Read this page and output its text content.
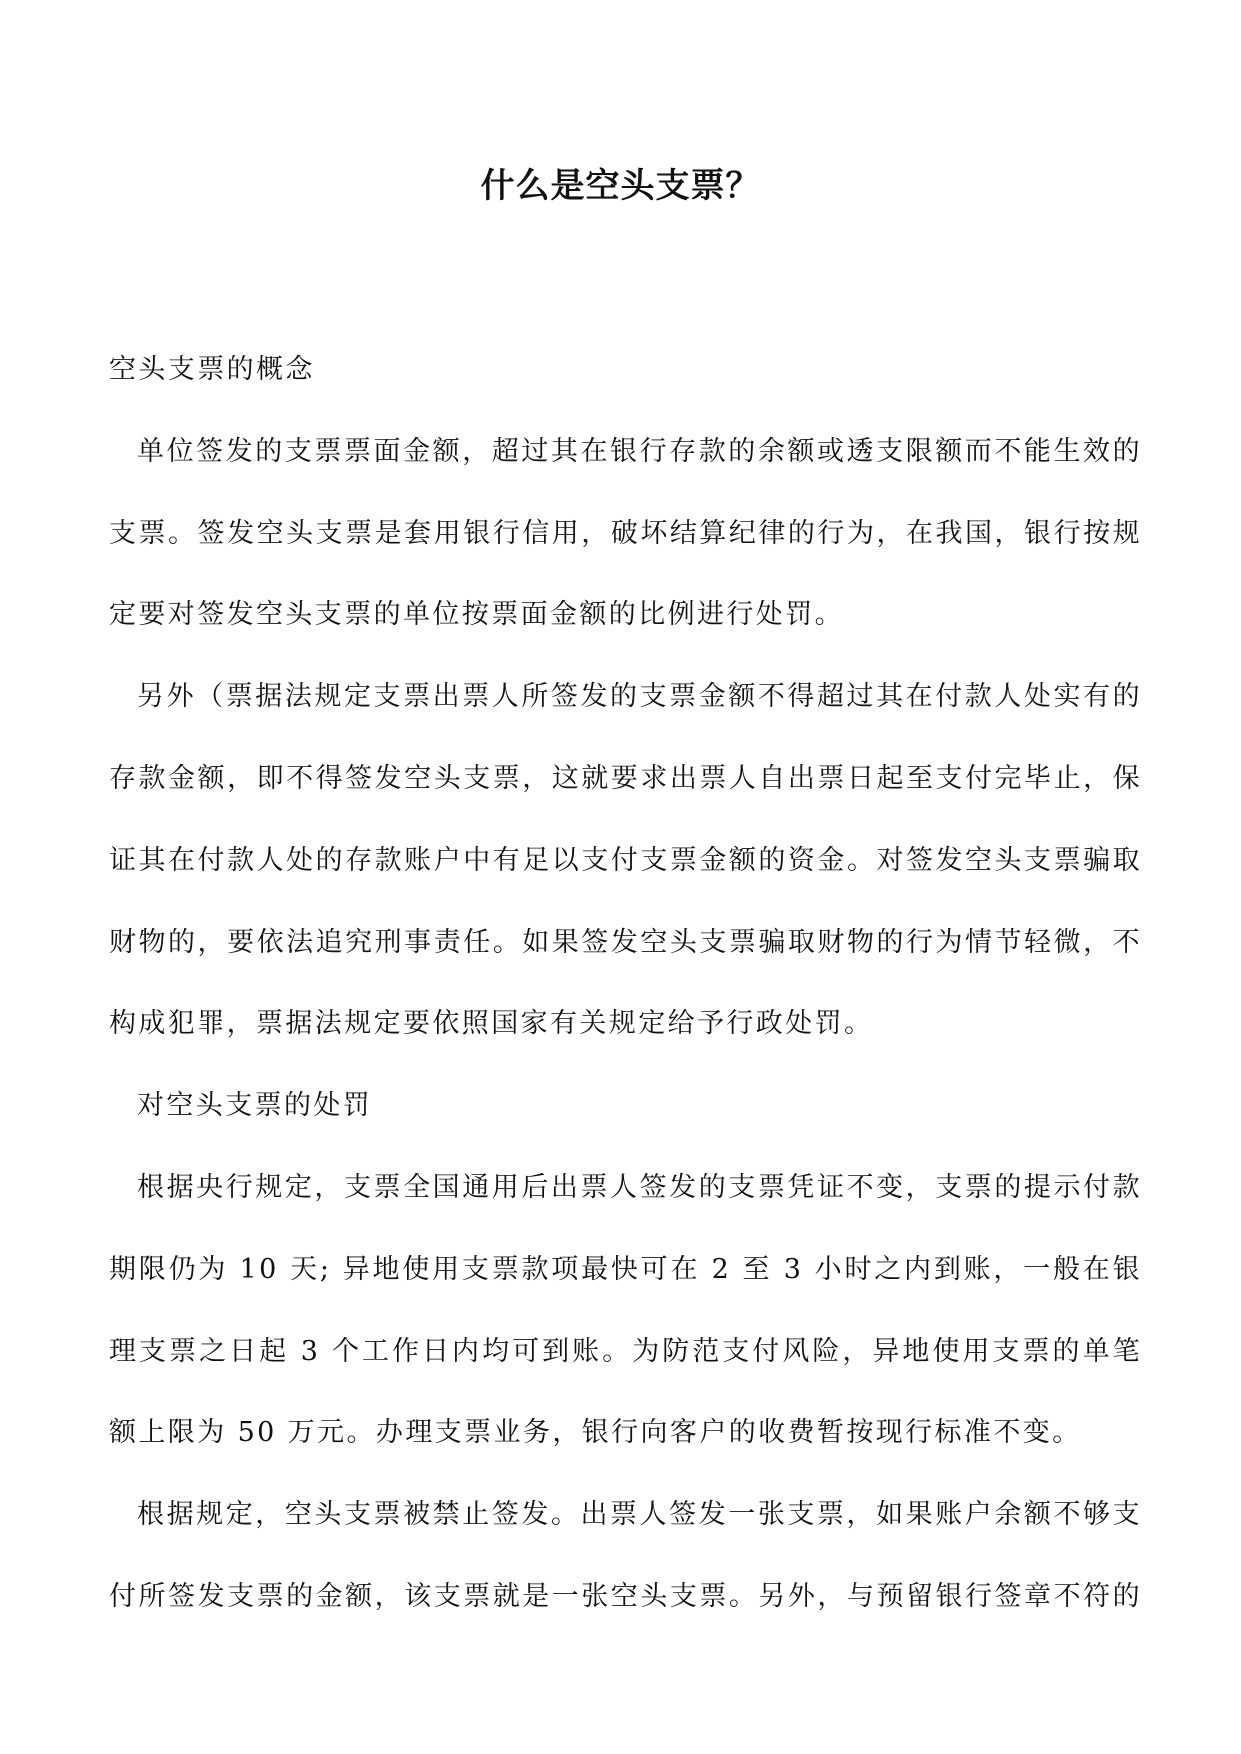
什么是空头支票？
空头支票的概念
单位签发的支票票面金额，超过其在银行存款的余额或透支限额而不能生效的
支票。签发空头支票是套用银行信用，破坏结算纪律的行为，在我国，银行按规
定要对签发空头支票的单位按票面金额的比例进行处罚。
另外（票据法规定支票出票人所签发的支票金额不得超过其在付款人处实有的
存款金额，即不得签发空头支票，这就要求出票人自出票日起至支付完毕止，保
证其在付款人处的存款账户中有足以支付支票金额的资金。对签发空头支票骗取
财物的，要依法追究刑事责任。如果签发空头支票骗取财物的行为情节轻微，不
构成犯罪，票据法规定要依照国家有关规定给予行政处罚。
对空头支票的处罚
根据央行规定，支票全国通用后出票人签发的支票凭证不变，支票的提示付款
期限仍为 10 天; 异地使用支票款项最快可在 2 至 3 小时之内到账，一般在银
理支票之日起 3 个工作日内均可到账。为防范支付风险，异地使用支票的单笔
额上限为 50 万元。办理支票业务，银行向客户的收费暂按现行标准不变。
根据规定，空头支票被禁止签发。出票人签发一张支票，如果账户余额不够支
付所签发支票的金额，该支票就是一张空头支票。另外，与预留银行签章不符的
